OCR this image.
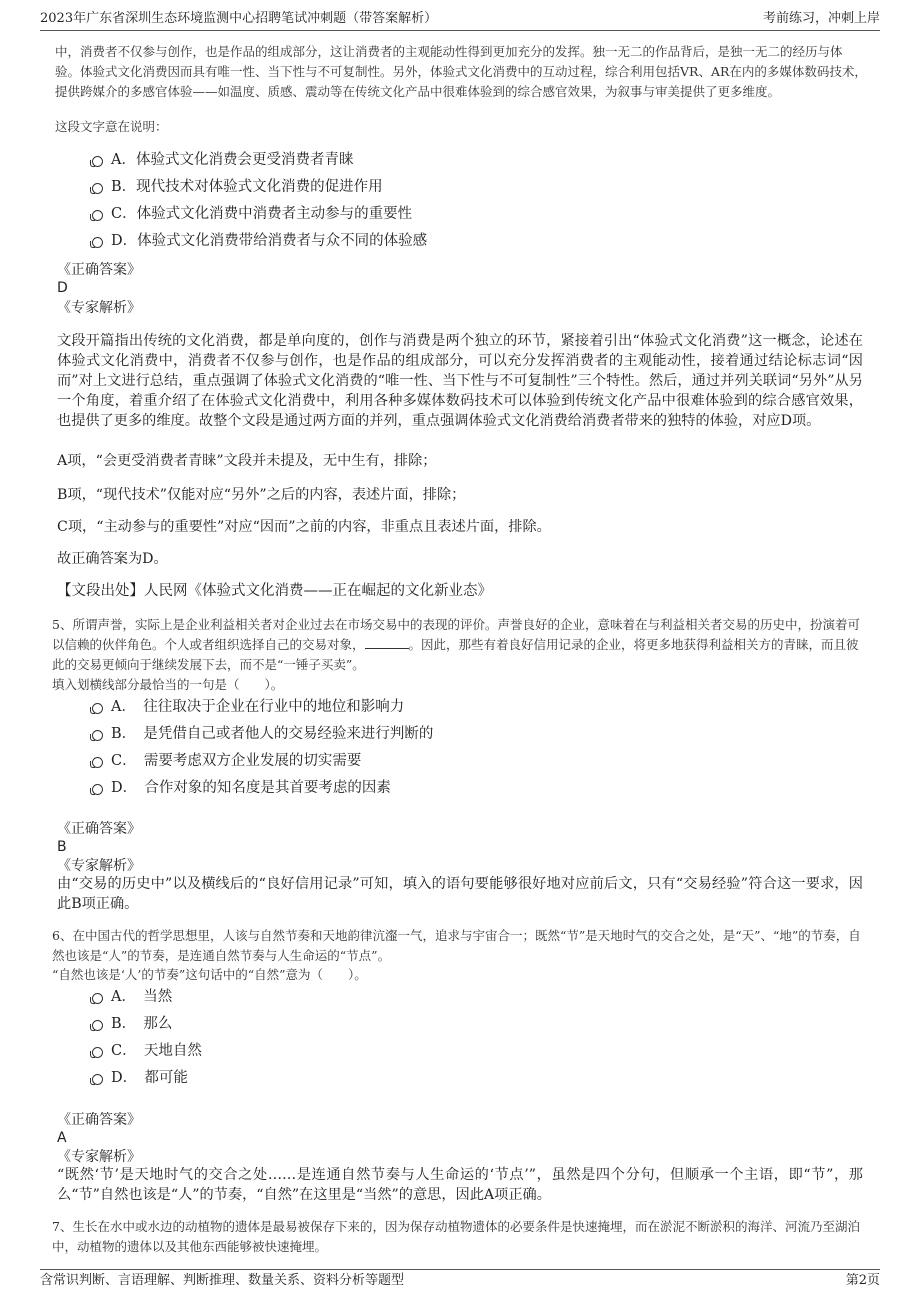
2023年广东省深圳生态环境监测中心招聘笔试冲刺题（带答案解析）	考前练习，冲刺上岸
中，消费者不仅参与创作，也是作品的组成部分，这让消费者的主观能动性得到更加充分的发挥。独一无二的作品背后，是独一无二的经历与体验。体验式文化消费因而具有唯一性、当下性与不可复制性。另外，体验式文化消费中的互动过程，综合利用包括VR、AR在内的多媒体数码技术，提供跨媒介的多感官体验——如温度、质感、震动等在传统文化产品中很难体验到的综合感官效果，为叙事与审美提供了更多维度。
这段文字意在说明：
A．体验式文化消费会更受消费者青睐
B．现代技术对体验式文化消费的促进作用
C．体验式文化消费中消费者主动参与的重要性
D．体验式文化消费带给消费者与众不同的体验感
《正确答案》
D
《专家解析》
文段开篇指出传统的文化消费，都是单向度的，创作与消费是两个独立的环节，紧接着引出“体验式文化消费”这一概念，论述在体验式文化消费中，消费者不仅参与创作，也是作品的组成部分，可以充分发挥消费者的主观能动性，接着通过结论标志词“因而”对上文进行总结，重点强调了体验式文化消费的“唯一性、当下性与不可复制性”三个特性。然后，通过并列关联词“另外”从另一个角度，着重介绍了在体验式文化消费中，利用各种多媒体数码技术可以体验到传统文化产品中很难体验到的综合感官效果，也提供了更多的维度。故整个文段是通过两方面的并列，重点强调体验式文化消费给消费者带来的独特的体验，对应D项。
A项，“会更受消费者青睐”文段并未提及，无中生有，排除；
B项，“现代技术”仅能对应“另外”之后的内容，表述片面，排除；
C项，“主动参与的重要性”对应“因而”之前的内容，非重点且表述片面，排除。
故正确答案为D。
【文段出处】人民网《体验式文化消费——正在崛起的文化新业态》
5、所谓声誉，实际上是企业利益相关者对企业过去在市场交易中的表现的评价。声誉良好的企业，意味着在与利益相关者交易的历史中，扮演着可以信赖的伙伴角色。个人或者组织选择自己的交易对象，	。因此，那些有着良好信用记录的企业，将更多地获得利益相关方的青睐，而且彼此的交易更倾向于继续发展下去，而不是“一锤子买卖”。
填入划横线部分最恰当的一句是（　　）。
A．　往往取决于企业在行业中的地位和影响力
B．　是凭借自己或者他人的交易经验来进行判断的
C．　需要考虑双方企业发展的切实需要
D．　合作对象的知名度是其首要考虑的因素
《正确答案》
B
《专家解析》
由“交易的历史中”以及横线后的“良好信用记录”可知，填入的语句要能够很好地对应前后文，只有“交易经验”符合这一要求，因此B项正确。
6、在中国古代的哲学思想里，人该与自然节奏和天地韵律沆瀣一气，追求与宇宙合一；既然“节”是天地时气的交合之处，是“天”、“地”的节奏，自然也该是“人”的节奏，是连通自然节奏与人生命运的“节点”。
“自然也该是‘人’的节奏”这句话中的“自然”意为（　　）。
A．　当然
B．　那么
C．　天地自然
D．　都可能
《正确答案》
A
《专家解析》
“既然‘节’是天地时气的交合之处……是连通自然节奏与人生命运的‘节点’”，虽然是四个分句，但顺承一个主语，即“节”，那么“节”自然也该是“人”的节奏，“自然”在这里是“当然”的意思，因此A项正确。
7、生长在水中或水边的动植物的遗体是最易被保存下来的，因为保存动植物遗体的必要条件是快速掩埋，而在淤泥不断淤积的海洋、河流乃至湖泊中，动植物的遗体以及其他东西能够被快速掩埋。
含常识判断、言语理解、判断推理、数量关系、资料分析等题型	第2页
